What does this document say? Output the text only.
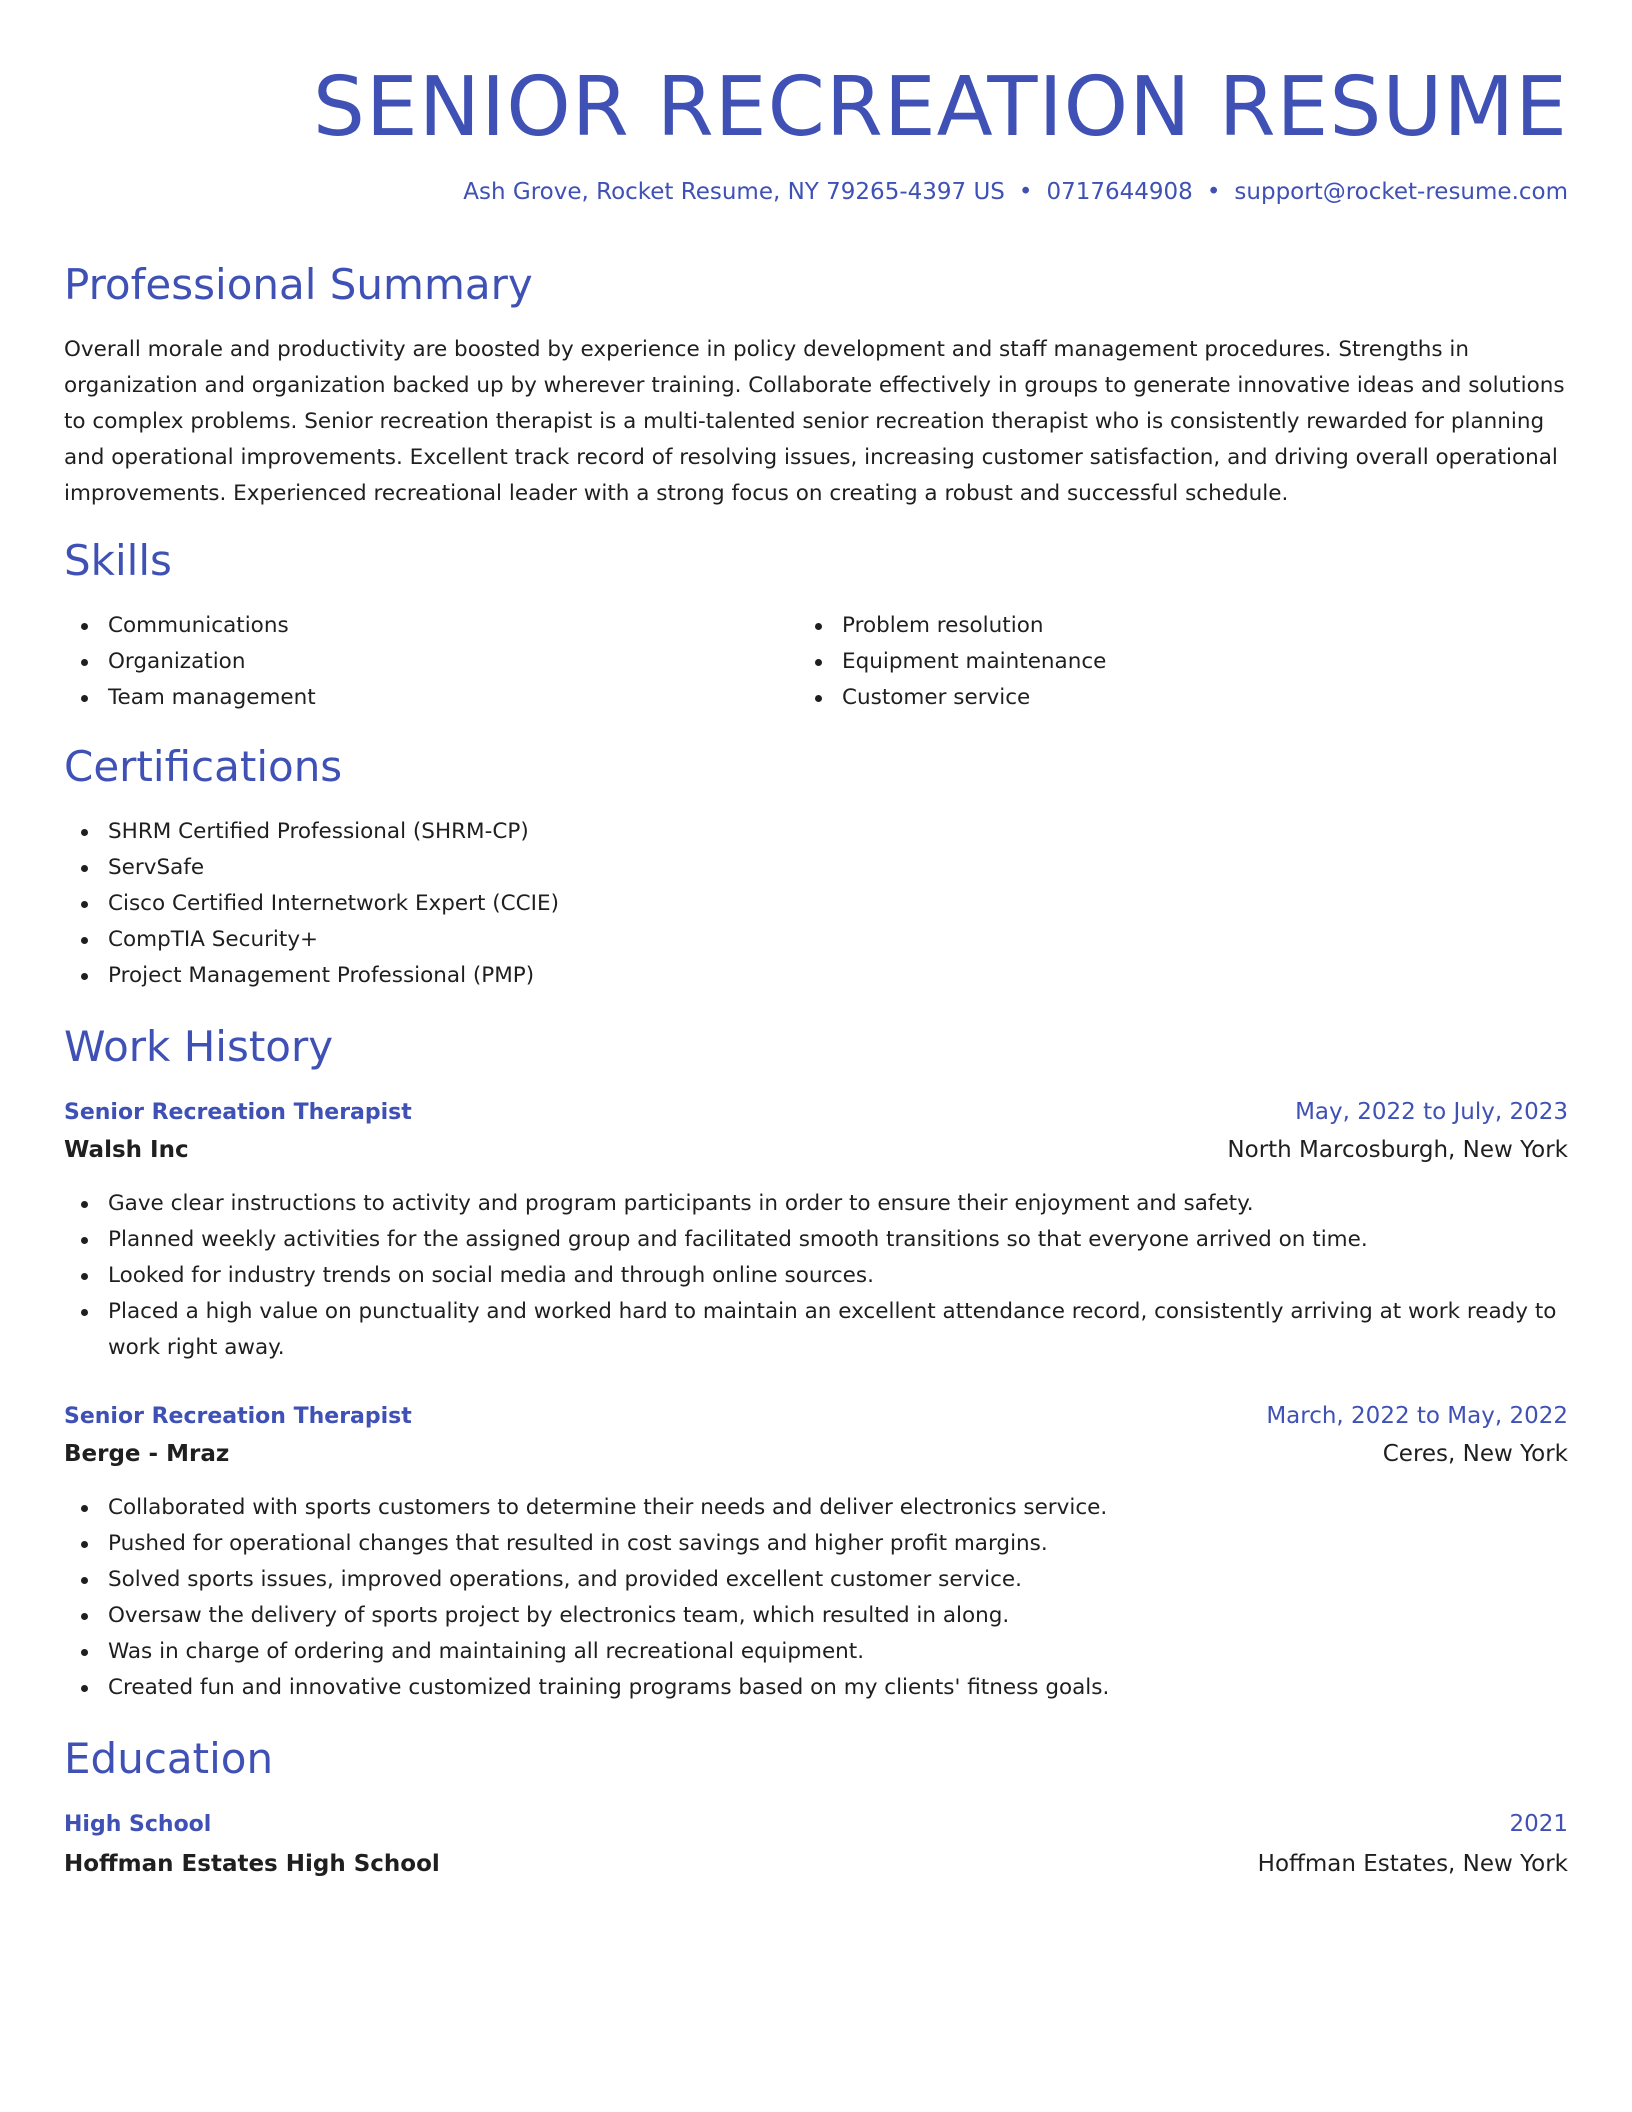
SENIOR RECREATION RESUME
Ash Grove, Rocket Resume, NY 79265-4397 US • 0717644908 • support@rocket-resume.com
Professional Summary

Overall morale and productivity are boosted by experience in policy development and staff management procedures. Strengths in organization and organization backed up by wherever training. Collaborate effectively in groups to generate innovative ideas and solutions to complex problems. Senior recreation therapist is a multi-talented senior recreation therapist who is consistently rewarded for planning and operational improvements. Excellent track record of resolving issues, increasing customer satisfaction, and driving overall operational improvements. Experienced recreational leader with a strong focus on creating a robust and successful schedule.

Skills
Communications
Organization
Team management
Problem resolution
Equipment maintenance
Customer service
Certifications
SHRM Certified Professional (SHRM-CP)
ServSafe
Cisco Certified Internetwork Expert (CCIE)
CompTIA Security+
Project Management Professional (PMP)
Work History
Senior Recreation Therapist	May, 2022 to July, 2023
Walsh Inc	North Marcosburgh, New York
Gave clear instructions to activity and program participants in order to ensure their enjoyment and safety.
Planned weekly activities for the assigned group and facilitated smooth transitions so that everyone arrived on time.
Looked for industry trends on social media and through online sources.
Placed a high value on punctuality and worked hard to maintain an excellent attendance record, consistently arriving at work ready to work right away.
Senior Recreation Therapist	March, 2022 to May, 2022
Berge - Mraz	Ceres, New York
Collaborated with sports customers to determine their needs and deliver electronics service.
Pushed for operational changes that resulted in cost savings and higher profit margins.
Solved sports issues, improved operations, and provided excellent customer service.
Oversaw the delivery of sports project by electronics team, which resulted in along.
Was in charge of ordering and maintaining all recreational equipment.
Created fun and innovative customized training programs based on my clients' fitness goals.
Education
High School	2021
Hoffman Estates High School	Hoffman Estates, New York
